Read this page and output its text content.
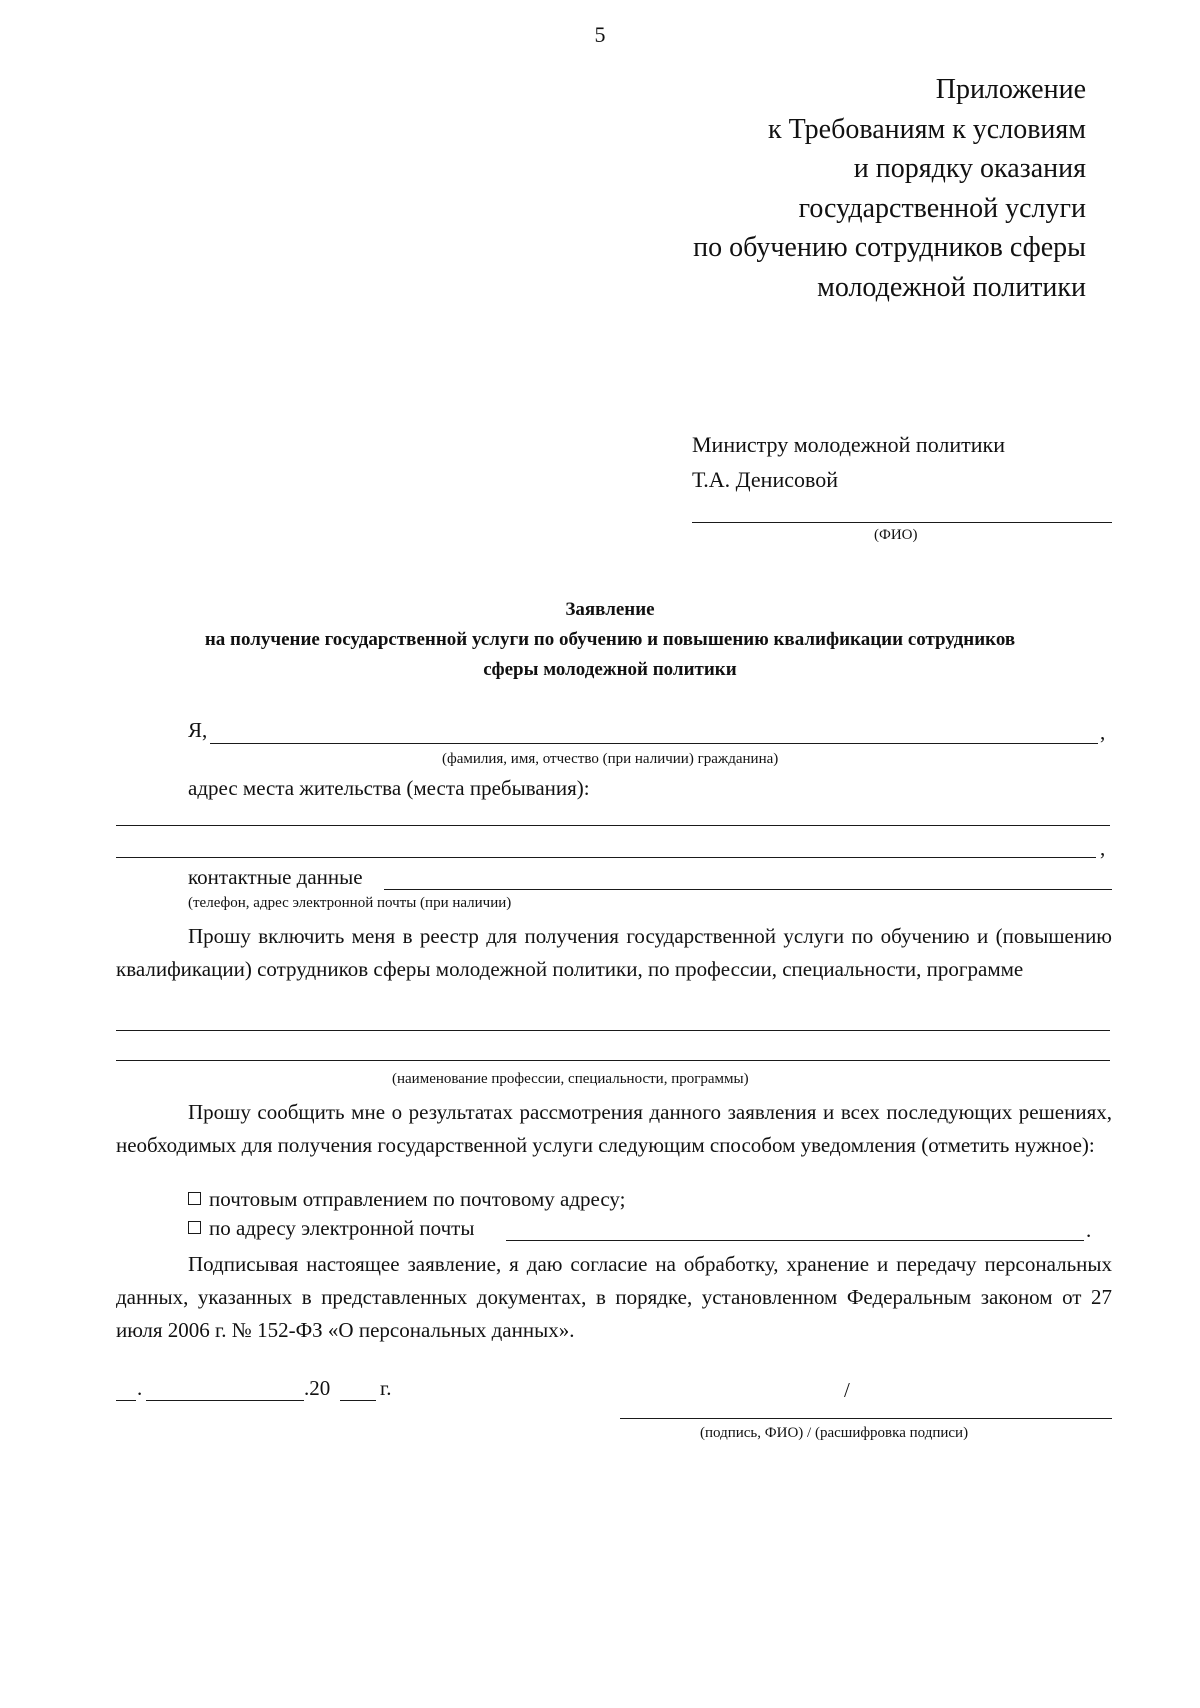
5
Приложение
к Требованиям к условиям
и порядку оказания
государственной услуги
по обучению сотрудников сферы
молодежной политики
Министру молодежной политики
Т.А. Денисовой
(ФИО)
Заявление
на получение государственной услуги по обучению и повышению квалификации сотрудников
сферы молодежной политики
Я,	,
(фамилия, имя, отчество (при наличии) гражданина)
адрес места жительства (места пребывания):
,
контактные данные
(телефон, адрес электронной почты (при наличии)
Прошу включить меня в реестр для получения государственной услуги по обучению и (повышению квалификации) сотрудников сферы молодежной политики, по профессии, специальности, программе
(наименование профессии, специальности, программы)
Прошу сообщить мне о результатах рассмотрения данного заявления и всех последующих решениях, необходимых для получения государственной услуги следующим способом уведомления (отметить нужное):
почтовым отправлением по почтовому адресу;
по адресу электронной почты	.
Подписывая настоящее заявление, я даю согласие на обработку, хранение и передачу персональных данных, указанных в представленных документах, в порядке, установленном Федеральным законом от 27 июля 2006 г. № 152-ФЗ «О персональных данных».
.	.20 г.	/
(подпись, ФИО) / (расшифровка подписи)
